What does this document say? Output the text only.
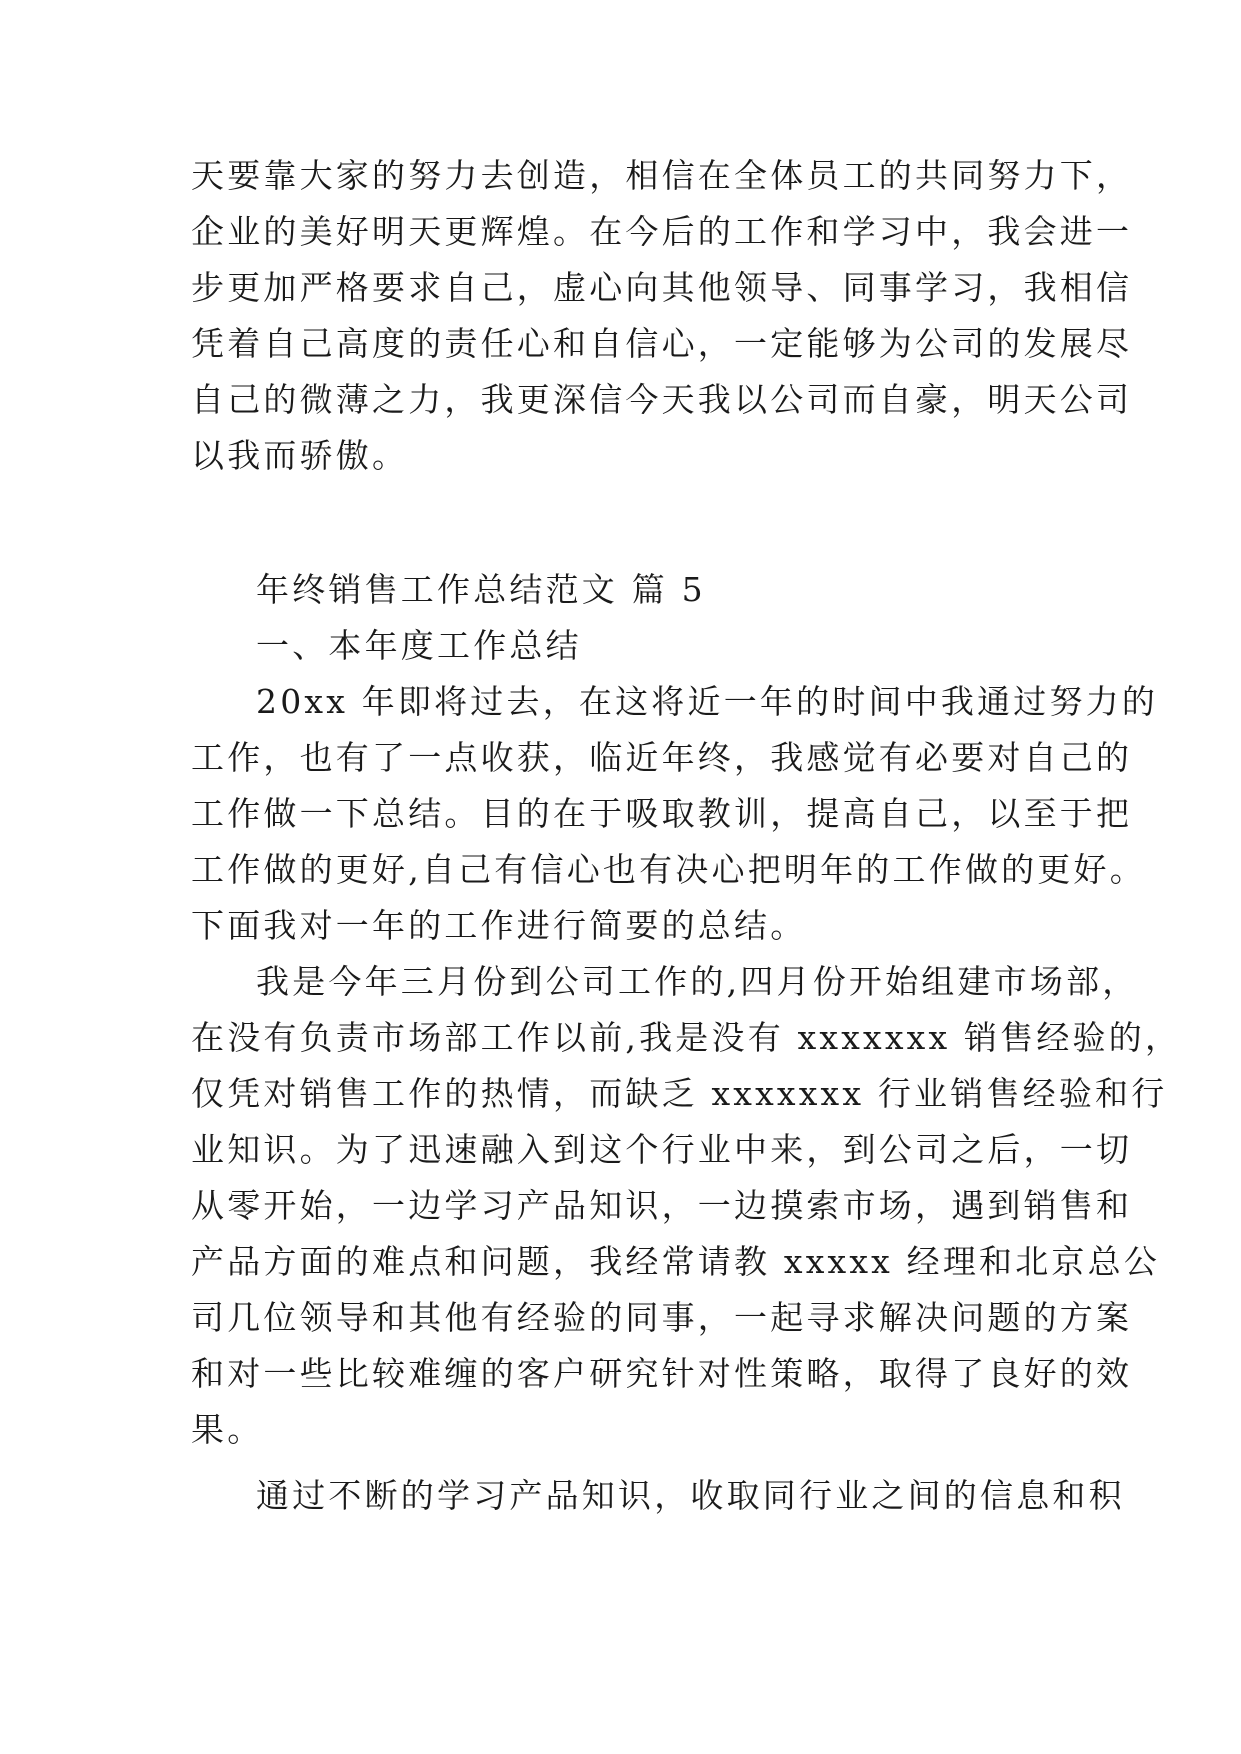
天要靠大家的努力去创造，相信在全体员工的共同努力下，
企业的美好明天更辉煌。在今后的工作和学习中，我会进一
步更加严格要求自己，虚心向其他领导、同事学习，我相信
凭着自己高度的责任心和自信心，一定能够为公司的发展尽
自己的微薄之力，我更深信今天我以公司而自豪，明天公司
以我而骄傲。
年终销售工作总结范文 篇 5
一、本年度工作总结
20xx 年即将过去，在这将近一年的时间中我通过努力的
工作，也有了一点收获，临近年终，我感觉有必要对自己的
工作做一下总结。目的在于吸取教训，提高自己，以至于把
工作做的更好,自己有信心也有决心把明年的工作做的更好。
下面我对一年的工作进行简要的总结。
我是今年三月份到公司工作的,四月份开始组建市场部，
在没有负责市场部工作以前,我是没有 xxxxxxx 销售经验的，
仅凭对销售工作的热情，而缺乏 xxxxxxx 行业销售经验和行
业知识。为了迅速融入到这个行业中来，到公司之后，一切
从零开始，一边学习产品知识，一边摸索市场，遇到销售和
产品方面的难点和问题，我经常请教 xxxxx 经理和北京总公
司几位领导和其他有经验的同事，一起寻求解决问题的方案
和对一些比较难缠的客户研究针对性策略，取得了良好的效
果。
通过不断的学习产品知识，收取同行业之间的信息和积
